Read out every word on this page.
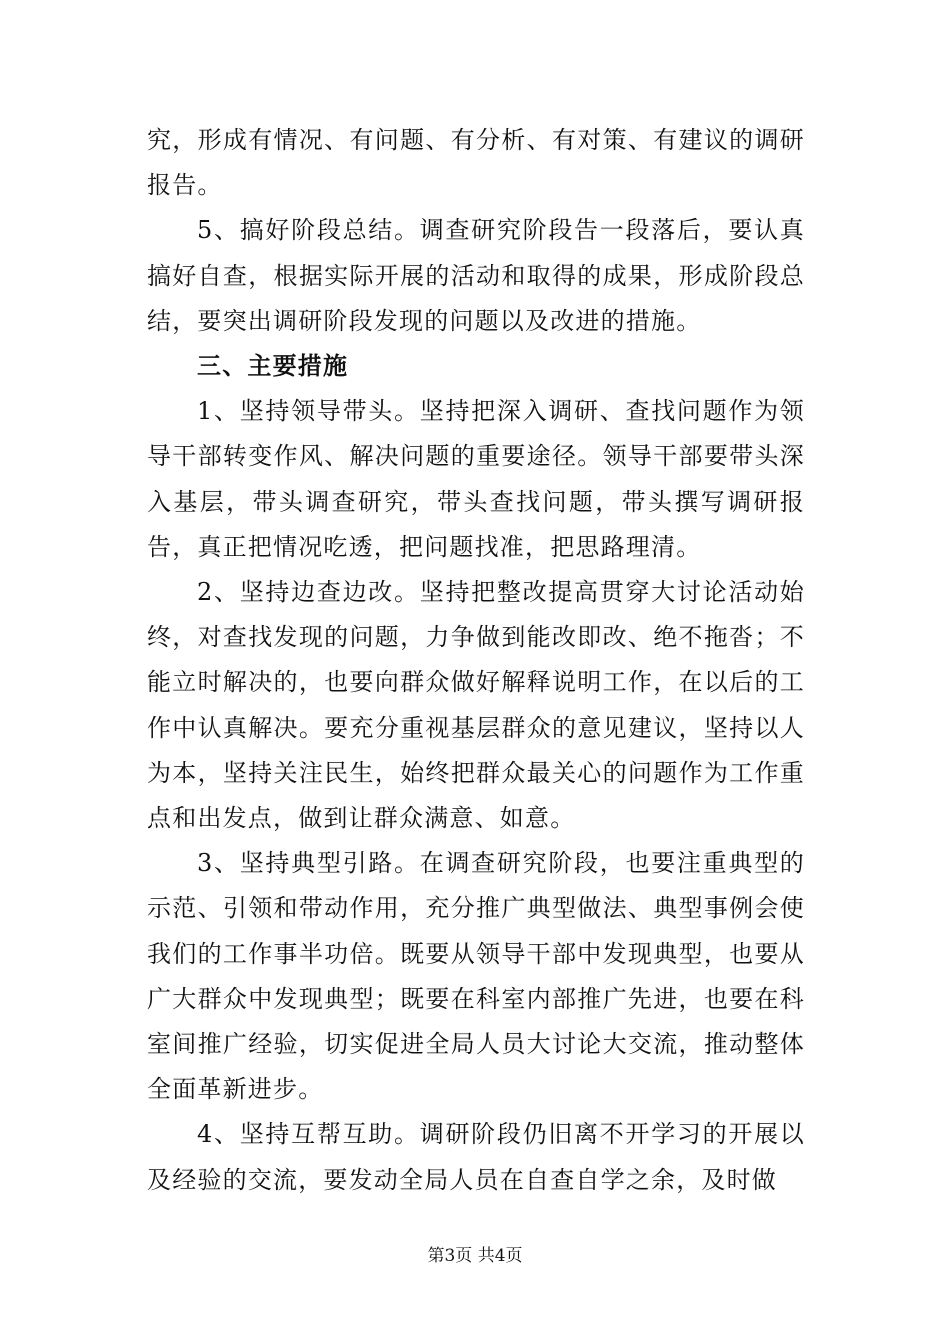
究，形成有情况、有问题、有分析、有对策、有建议的调研报告。

5、搞好阶段总结。调查研究阶段告一段落后，要认真搞好自查，根据实际开展的活动和取得的成果，形成阶段总结，要突出调研阶段发现的问题以及改进的措施。

三、主要措施

1、坚持领导带头。坚持把深入调研、查找问题作为领导干部转变作风、解决问题的重要途径。领导干部要带头深入基层，带头调查研究，带头查找问题，带头撰写调研报告，真正把情况吃透，把问题找准，把思路理清。

2、坚持边查边改。坚持把整改提高贯穿大讨论活动始终，对查找发现的问题，力争做到能改即改、绝不拖沓；不能立时解决的，也要向群众做好解释说明工作，在以后的工作中认真解决。要充分重视基层群众的意见建议，坚持以人为本，坚持关注民生，始终把群众最关心的问题作为工作重点和出发点，做到让群众满意、如意。

3、坚持典型引路。在调查研究阶段，也要注重典型的示范、引领和带动作用，充分推广典型做法、典型事例会使我们的工作事半功倍。既要从领导干部中发现典型，也要从广大群众中发现典型；既要在科室内部推广先进，也要在科室间推广经验，切实促进全局人员大讨论大交流，推动整体全面革新进步。

4、坚持互帮互助。调研阶段仍旧离不开学习的开展以及经验的交流，要发动全局人员在自查自学之余，及时做

第3页 共4页
